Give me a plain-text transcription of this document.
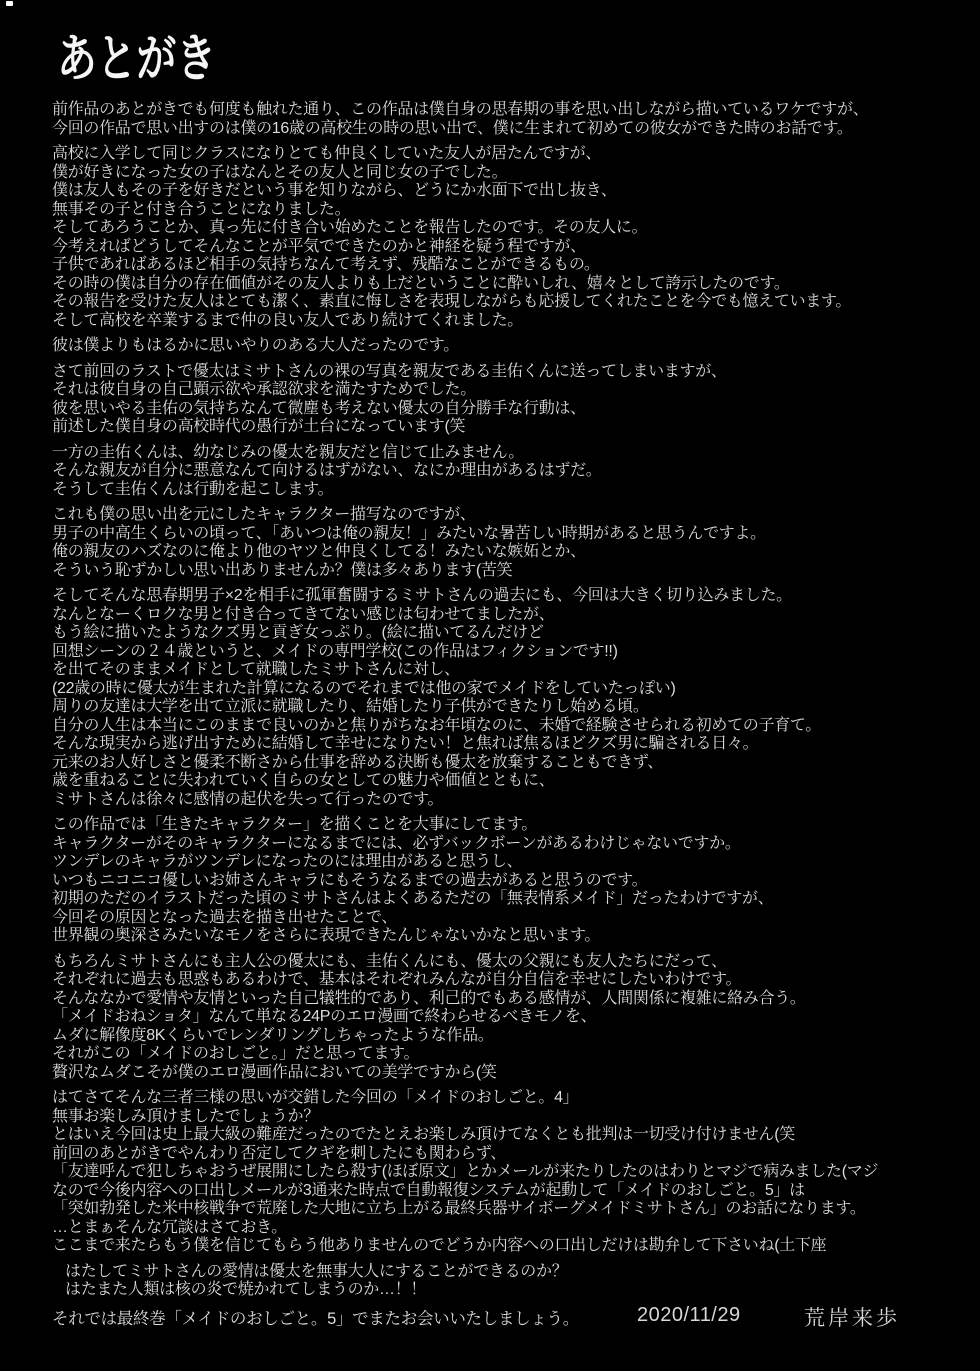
あとがき
前作品のあとがきでも何度も触れた通り、この作品は僕自身の思春期の事を思い出しながら描いているワケですが、
今回の作品で思い出すのは僕の16歳の高校生の時の思い出で、僕に生まれて初めての彼女ができた時のお話です。
高校に入学して同じクラスになりとても仲良くしていた友人が居たんですが、
僕が好きになった女の子はなんとその友人と同じ女の子でした。
僕は友人もその子を好きだという事を知りながら、どうにか水面下で出し抜き、
無事その子と付き合うことになりました。
そしてあろうことか、真っ先に付き合い始めたことを報告したのです。その友人に。
今考えればどうしてそんなことが平気でできたのかと神経を疑う程ですが、
子供であればあるほど相手の気持ちなんて考えず、残酷なことができるもの。
その時の僕は自分の存在価値がその友人よりも上だということに酔いしれ、嬉々として誇示したのです。
その報告を受けた友人はとても潔く、素直に悔しさを表現しながらも応援してくれたことを今でも憶えています。
そして高校を卒業するまで仲の良い友人であり続けてくれました。
彼は僕よりもはるかに思いやりのある大人だったのです。
さて前回のラストで優太はミサトさんの裸の写真を親友である圭佑くんに送ってしまいますが、
それは彼自身の自己顕示欲や承認欲求を満たすためでした。
彼を思いやる圭佑の気持ちなんて微塵も考えない優太の自分勝手な行動は、
前述した僕自身の高校時代の愚行が土台になっています(笑
一方の圭佑くんは、幼なじみの優太を親友だと信じて止みません。
そんな親友が自分に悪意なんて向けるはずがない、なにか理由があるはずだ。
そうして圭佑くんは行動を起こします。
これも僕の思い出を元にしたキャラクター描写なのですが、
男子の中高生くらいの頃って、「あいつは俺の親友！」みたいな暑苦しい時期があると思うんですよ。
俺の親友のハズなのに俺より他のヤツと仲良くしてる！みたいな嫉妬とか、
そういう恥ずかしい思い出ありませんか？僕は多々あります(苦笑
そしてそんな思春期男子×2を相手に孤軍奮闘するミサトさんの過去にも、今回は大きく切り込みました。
なんとなーくロクな男と付き合ってきてない感じは匂わせてましたが、
もう絵に描いたようなクズ男と貢ぎ女っぷり。(絵に描いてるんだけど
回想シーンの２４歳というと、メイドの専門学校(この作品はフィクションです!!)
を出てそのままメイドとして就職したミサトさんに対し、
(22歳の時に優太が生まれた計算になるのでそれまでは他の家でメイドをしていたっぽい)
周りの友達は大学を出て立派に就職したり、結婚したり子供ができたりし始める頃。
自分の人生は本当にこのままで良いのかと焦りがちなお年頃なのに、未婚で経験させられる初めての子育て。
そんな現実から逃げ出すために結婚して幸せになりたい！と焦れば焦るほどクズ男に騙される日々。
元来のお人好しさと優柔不断さから仕事を辞める決断も優太を放棄することもできず、
歳を重ねることに失われていく自らの女としての魅力や価値とともに、
ミサトさんは徐々に感情の起伏を失って行ったのです。
この作品では「生きたキャラクター」を描くことを大事にしてます。
キャラクターがそのキャラクターになるまでには、必ずバックボーンがあるわけじゃないですか。
ツンデレのキャラがツンデレになったのには理由があると思うし、
いつもニコニコ優しいお姉さんキャラにもそうなるまでの過去があると思うのです。
初期のただのイラストだった頃のミサトさんはよくあるただの「無表情系メイド」だったわけですが、
今回その原因となった過去を描き出せたことで、
世界観の奥深さみたいなモノをさらに表現できたんじゃないかなと思います。
もちろんミサトさんにも主人公の優太にも、圭佑くんにも、優太の父親にも友人たちにだって、
それぞれに過去も思惑もあるわけで、基本はそれぞれみんなが自分自信を幸せにしたいわけです。
そんななかで愛情や友情といった自己犠牲的であり、利己的でもある感情が、人間関係に複雑に絡み合う。
「メイドおねショタ」なんて単なる24Pのエロ漫画で終わらせるべきモノを、
ムダに解像度8Kくらいでレンダリングしちゃったような作品。
それがこの「メイドのおしごと。」だと思ってます。
贅沢なムダこそが僕のエロ漫画作品においての美学ですから(笑
はてさてそんな三者三様の思いが交錯した今回の「メイドのおしごと。4」
無事お楽しみ頂けましたでしょうか？
とはいえ今回は史上最大級の難産だったのでたとえお楽しみ頂けてなくとも批判は一切受け付けません(笑
前回のあとがきでやんわり否定してクギを刺したにも関わらず、
「友達呼んで犯しちゃおうぜ展開にしたら殺す(ほぼ原文」とかメールが来たりしたのはわりとマジで病みました(マジ
なので今後内容への口出しメールが3通来た時点で自動報復システムが起動して「メイドのおしごと。5」は
「突如勃発した米中核戦争で荒廃した大地に立ち上がる最終兵器サイボーグメイドミサトさん」のお話になります。
…とまぁそんな冗談はさておき。
ここまで来たらもう僕を信じてもらう他ありませんのでどうか内容への口出しだけは勘弁して下さいね(土下座
はたしてミサトさんの愛情は優太を無事大人にすることができるのか？
はたまた人類は核の炎で焼かれてしまうのか…！！
それでは最終巻「メイドのおしごと。5」でまたお会いいたしましょう。	2020/11/29	荒岸来歩
